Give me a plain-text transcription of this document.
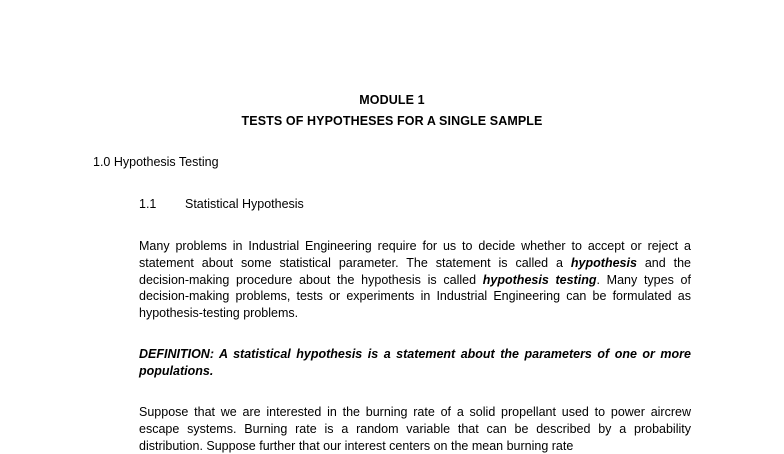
MODULE 1
TESTS OF HYPOTHESES FOR A SINGLE SAMPLE
1.0 Hypothesis Testing
1.1 Statistical Hypothesis
Many problems in Industrial Engineering require for us to decide whether to accept or reject a statement about some statistical parameter. The statement is called a hypothesis and the decision-making procedure about the hypothesis is called hypothesis testing. Many types of decision-making problems, tests or experiments in Industrial Engineering can be formulated as hypothesis-testing problems.
DEFINITION: A statistical hypothesis is a statement about the parameters of one or more populations.
Suppose that we are interested in the burning rate of a solid propellant used to power aircrew escape systems. Burning rate is a random variable that can be described by a probability distribution. Suppose further that our interest centers on the mean burning rate
